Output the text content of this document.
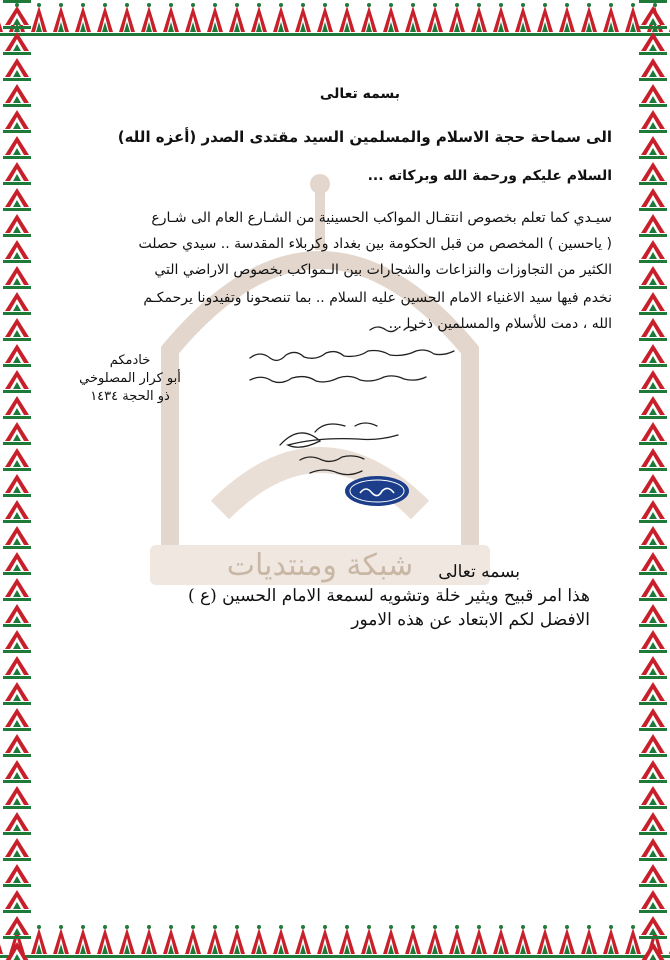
شبكة ومنتديات
بسمه تعالى
الى سماحة حجة الاسلام والمسلمين السيد مقتدى الصدر (أعزه الله)
السلام عليكم ورحمة الله وبركاته ...
سيـدي كما تعلم بخصوص انتقـال المواكب الحسينية من الشـارع العام الى شـارع
( ياحسين ) المخصص من قبل الحكومة بين بغداد وكربلاء المقدسة .. سيدي حصلت
الكثير من التجاوزات والنزاعات والشجارات بين الـمواكب بخصوص الاراضي التي
نخدم فيها سيد الاغنياء الامام الحسين عليه السلام .. بما تنصحونا وتفيدونا يرحمكـم
الله ، دمت للأسلام والمسلمين ذخرا ...
خادمكم
أبو كرار المصلوخي
ذو الحجة ١٤٣٤
بسمه تعالى
هذا امر قبيح ويثير خلة وتشويه لسمعة الامام الحسين (ع )
الافضل لكم الابتعاد عن هذه الامور
